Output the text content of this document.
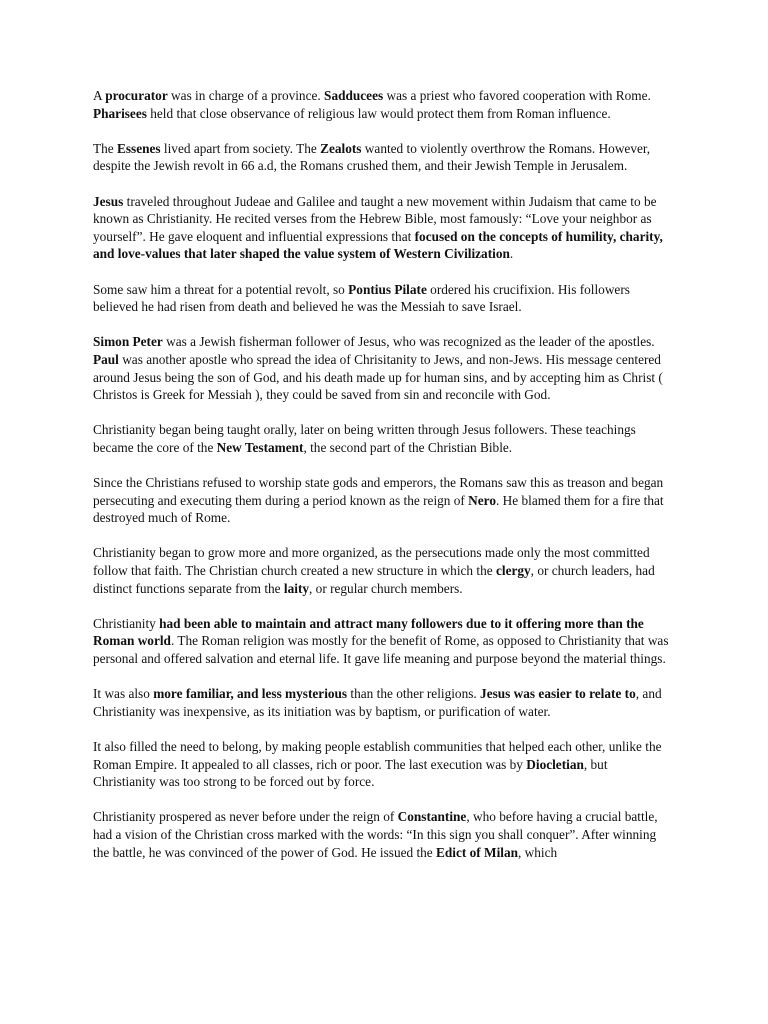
A procurator was in charge of a province. Sadducees was a priest who favored cooperation with Rome. Pharisees held that close observance of religious law would protect them from Roman influence.

The Essenes lived apart from society. The Zealots wanted to violently overthrow the Romans. However, despite the Jewish revolt in 66 a.d, the Romans crushed them, and their Jewish Temple in Jerusalem.

Jesus traveled throughout Judeae and Galilee and taught a new movement within Judaism that came to be known as Christianity. He recited verses from the Hebrew Bible, most famously: “Love your neighbor as yourself”. He gave eloquent and influential expressions that focused on the concepts of humility, charity, and love-values that later shaped the value system of Western Civilization.

Some saw him a threat for a potential revolt, so Pontius Pilate ordered his crucifixion. His followers believed he had risen from death and believed he was the Messiah to save Israel.

Simon Peter was a Jewish fisherman follower of Jesus, who was recognized as the leader of the apostles. Paul was another apostle who spread the idea of Chrisitanity to Jews, and non-Jews. His message centered around Jesus being the son of God, and his death made up for human sins, and by accepting him as Christ ( Christos is Greek for Messiah ), they could be saved from sin and reconcile with God.

Christianity began being taught orally, later on being written through Jesus followers. These teachings became the core of the New Testament, the second part of the Christian Bible.

Since the Christians refused to worship state gods and emperors, the Romans saw this as treason and began persecuting and executing them during a period known as the reign of Nero. He blamed them for a fire that destroyed much of Rome.

Christianity began to grow more and more organized, as the persecutions made only the most committed follow that faith. The Christian church created a new structure in which the clergy, or church leaders, had distinct functions separate from the laity, or regular church members.

Christianity had been able to maintain and attract many followers due to it offering more than the Roman world. The Roman religion was mostly for the benefit of Rome, as opposed to Christianity that was personal and offered salvation and eternal life. It gave life meaning and purpose beyond the material things.

It was also more familiar, and less mysterious than the other religions. Jesus was easier to relate to, and Christianity was inexpensive, as its initiation was by baptism, or purification of water.

It also filled the need to belong, by making people establish communities that helped each other, unlike the Roman Empire. It appealed to all classes, rich or poor. The last execution was by Diocletian, but Christianity was too strong to be forced out by force.

Christianity prospered as never before under the reign of Constantine, who before having a crucial battle, had a vision of the Christian cross marked with the words: “In this sign you shall conquer”. After winning the battle, he was convinced of the power of God. He issued the Edict of Milan, which
